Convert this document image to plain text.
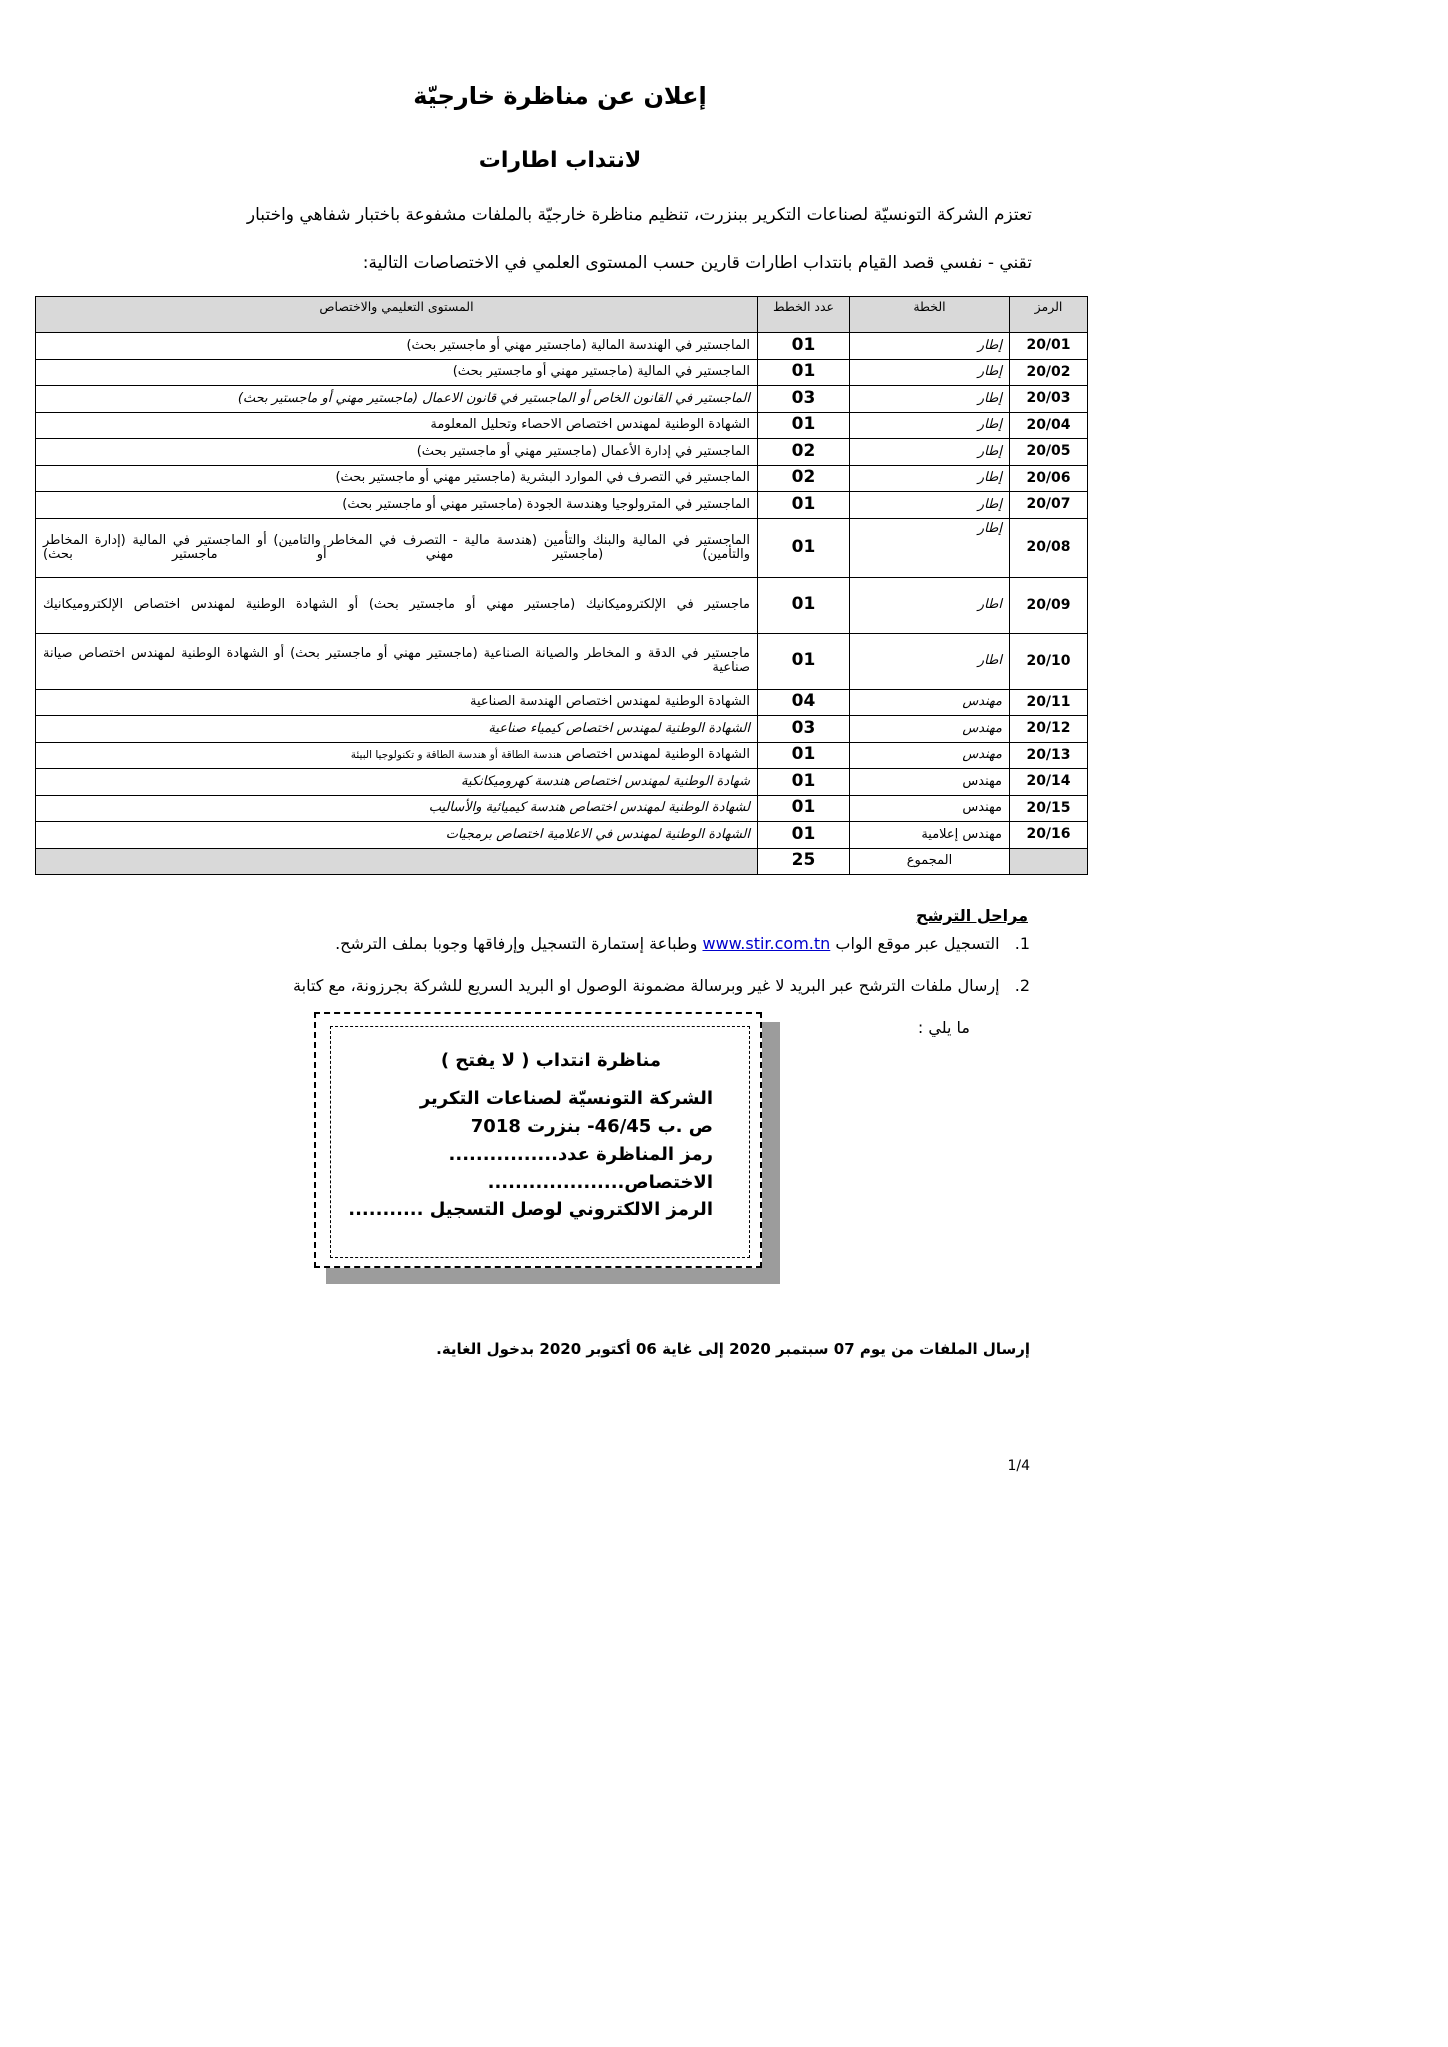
إعلان عن مناظرة خارجيّة
لانتداب اطارات

تعتزم الشركة التونسيّة لصناعات التكرير ببنزرت، تنظيم مناظرة خارجيّة بالملفات مشفوعة باختبار شفاهي واختبار

تقني - نفسي قصد القيام بانتداب اطارات قارين حسب المستوى العلمي في الاختصاصات التالية:

الرمز	الخطة	عدد الخطط	المستوى التعليمي والاختصاص
20/01	إطار	01	الماجستير في الهندسة المالية (ماجستير مهني أو ماجستير بحث)
20/02	إطار	01	الماجستير في المالية (ماجستير مهني أو ماجستير بحث)
20/03	إطار	03	الماجستير في القانون الخاص أو الماجستير في قانون الاعمال (ماجستير مهني أو ماجستير بحث)
20/04	إطار	01	الشهادة الوطنية لمهندس اختصاص الاحصاء وتحليل المعلومة
20/05	إطار	02	الماجستير في إدارة الأعمال (ماجستير مهني أو ماجستير بحث)
20/06	إطار	02	الماجستير في التصرف في الموارد البشرية (ماجستير مهني أو ماجستير بحث)
20/07	إطار	01	الماجستير في المترولوجيا وهندسة الجودة (ماجستير مهني أو ماجستير بحث)
20/08	إطار	01	الماجستير في المالية والبنك والتأمين (هندسة مالية - التصرف في المخاطر والتامين) أو الماجستير في المالية (إدارة المخاطر والتأمين) (ماجستير مهني أو ماجستير بحث)
20/09	اطار	01	ماجستير في الإلكتروميكانيك (ماجستير مهني أو ماجستير بحث) أو الشهادة الوطنية لمهندس اختصاص الإلكتروميكانيك
20/10	اطار	01	ماجستير في الدقة و المخاطر والصيانة الصناعية (ماجستير مهني أو ماجستير بحث) أو الشهادة الوطنية لمهندس اختصاص صيانة صناعية
20/11	مهندس	04	الشهادة الوطنية لمهندس اختصاص الهندسة الصناعية
20/12	مهندس	03	الشهادة الوطنية لمهندس اختصاص كيمياء صناعية
20/13	مهندس	01	الشهادة الوطنية لمهندس اختصاص هندسة الطاقة أو هندسة الطاقة و تكنولوجيا البيئة
20/14	مهندس	01	شهادة الوطنية لمهندس اختصاص هندسة كهروميكانكية
20/15	مهندس	01	لشهادة الوطنية لمهندس اختصاص هندسة كيميائية والأساليب
20/16	مهندس إعلامية	01	الشهادة الوطنية لمهندس في الاعلامية اختصاص برمجيات
	المجموع	25	

مراحل الترشح

1. التسجيل عبر موقع الواب www.stir.com.tn وطباعة إستمارة التسجيل وإرفاقها وجوبا بملف الترشح.

2. إرسال ملفات الترشح عبر البريد لا غير وبرسالة مضمونة الوصول او البريد السريع للشركة بجرزونة، مع كتابة

ما يلي :

مناظرة انتداب ( لا يفتح )

الشركة التونسيّة لصناعات التكرير

ص .ب 46/45- بنزرت 7018

رمز المناظرة عدد................

الاختصاص....................

الرمز الالكتروني لوصل التسجيل ...........

إرسال الملفات من يوم 07 سبتمبر 2020 إلى غاية 06 أكتوبر 2020 بدخول الغاية.

1/4
